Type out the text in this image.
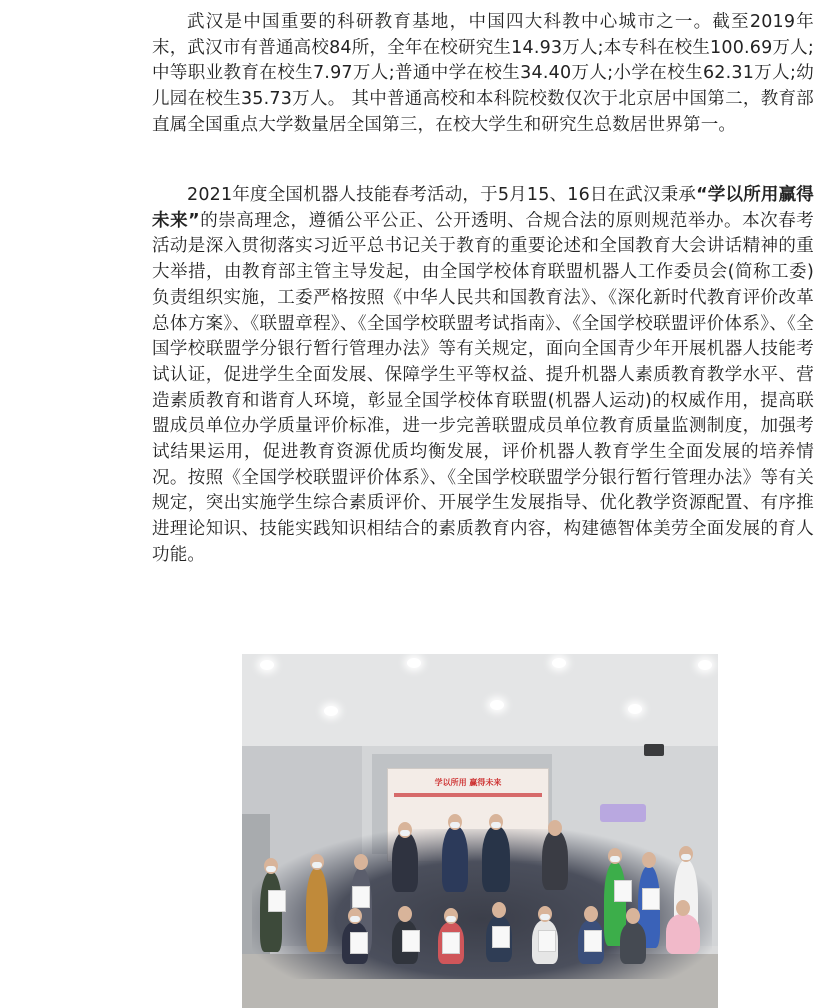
武汉是中国重要的科研教育基地，中国四大科教中心城市之一。截至2019年末，武汉市有普通高校84所，全年在校研究生14.93万人;本专科在校生100.69万人;中等职业教育在校生7.97万人;普通中学在校生34.40万人;小学在校生62.31万人;幼儿园在校生35.73万人。 其中普通高校和本科院校数仅次于北京居中国第二，教育部直属全国重点大学数量居全国第三，在校大学生和研究生总数居世界第一。

2021年度全国机器人技能春考活动，于5月15、16日在武汉秉承“学以所用赢得未来”的崇高理念，遵循公平公正、公开透明、合规合法的原则规范举办。本次春考活动是深入贯彻落实习近平总书记关于教育的重要论述和全国教育大会讲话精神的重大举措，由教育部主管主导发起，由全国学校体育联盟机器人工作委员会(简称工委)负责组织实施，工委严格按照《中华人民共和国教育法》、《深化新时代教育评价改革总体方案》、《联盟章程》、《全国学校联盟考试指南》、《全国学校联盟评价体系》、《全国学校联盟学分银行暂行管理办法》等有关规定，面向全国青少年开展机器人技能考试认证，促进学生全面发展、保障学生平等权益、提升机器人素质教育教学水平、营造素质教育和谐育人环境，彰显全国学校体育联盟(机器人运动)的权威作用，提高联盟成员单位办学质量评价标准，进一步完善联盟成员单位教育质量监测制度，加强考试结果运用，促进教育资源优质均衡发展，评价机器人教育学生全面发展的培养情况。按照《全国学校联盟评价体系》、《全国学校联盟学分银行暂行管理办法》等有关规定，突出实施学生综合素质评价、开展学生发展指导、优化教学资源配置、有序推进理论知识、技能实践知识相结合的素质教育内容，构建德智体美劳全面发展的育人功能。

学以所用 赢得未来
